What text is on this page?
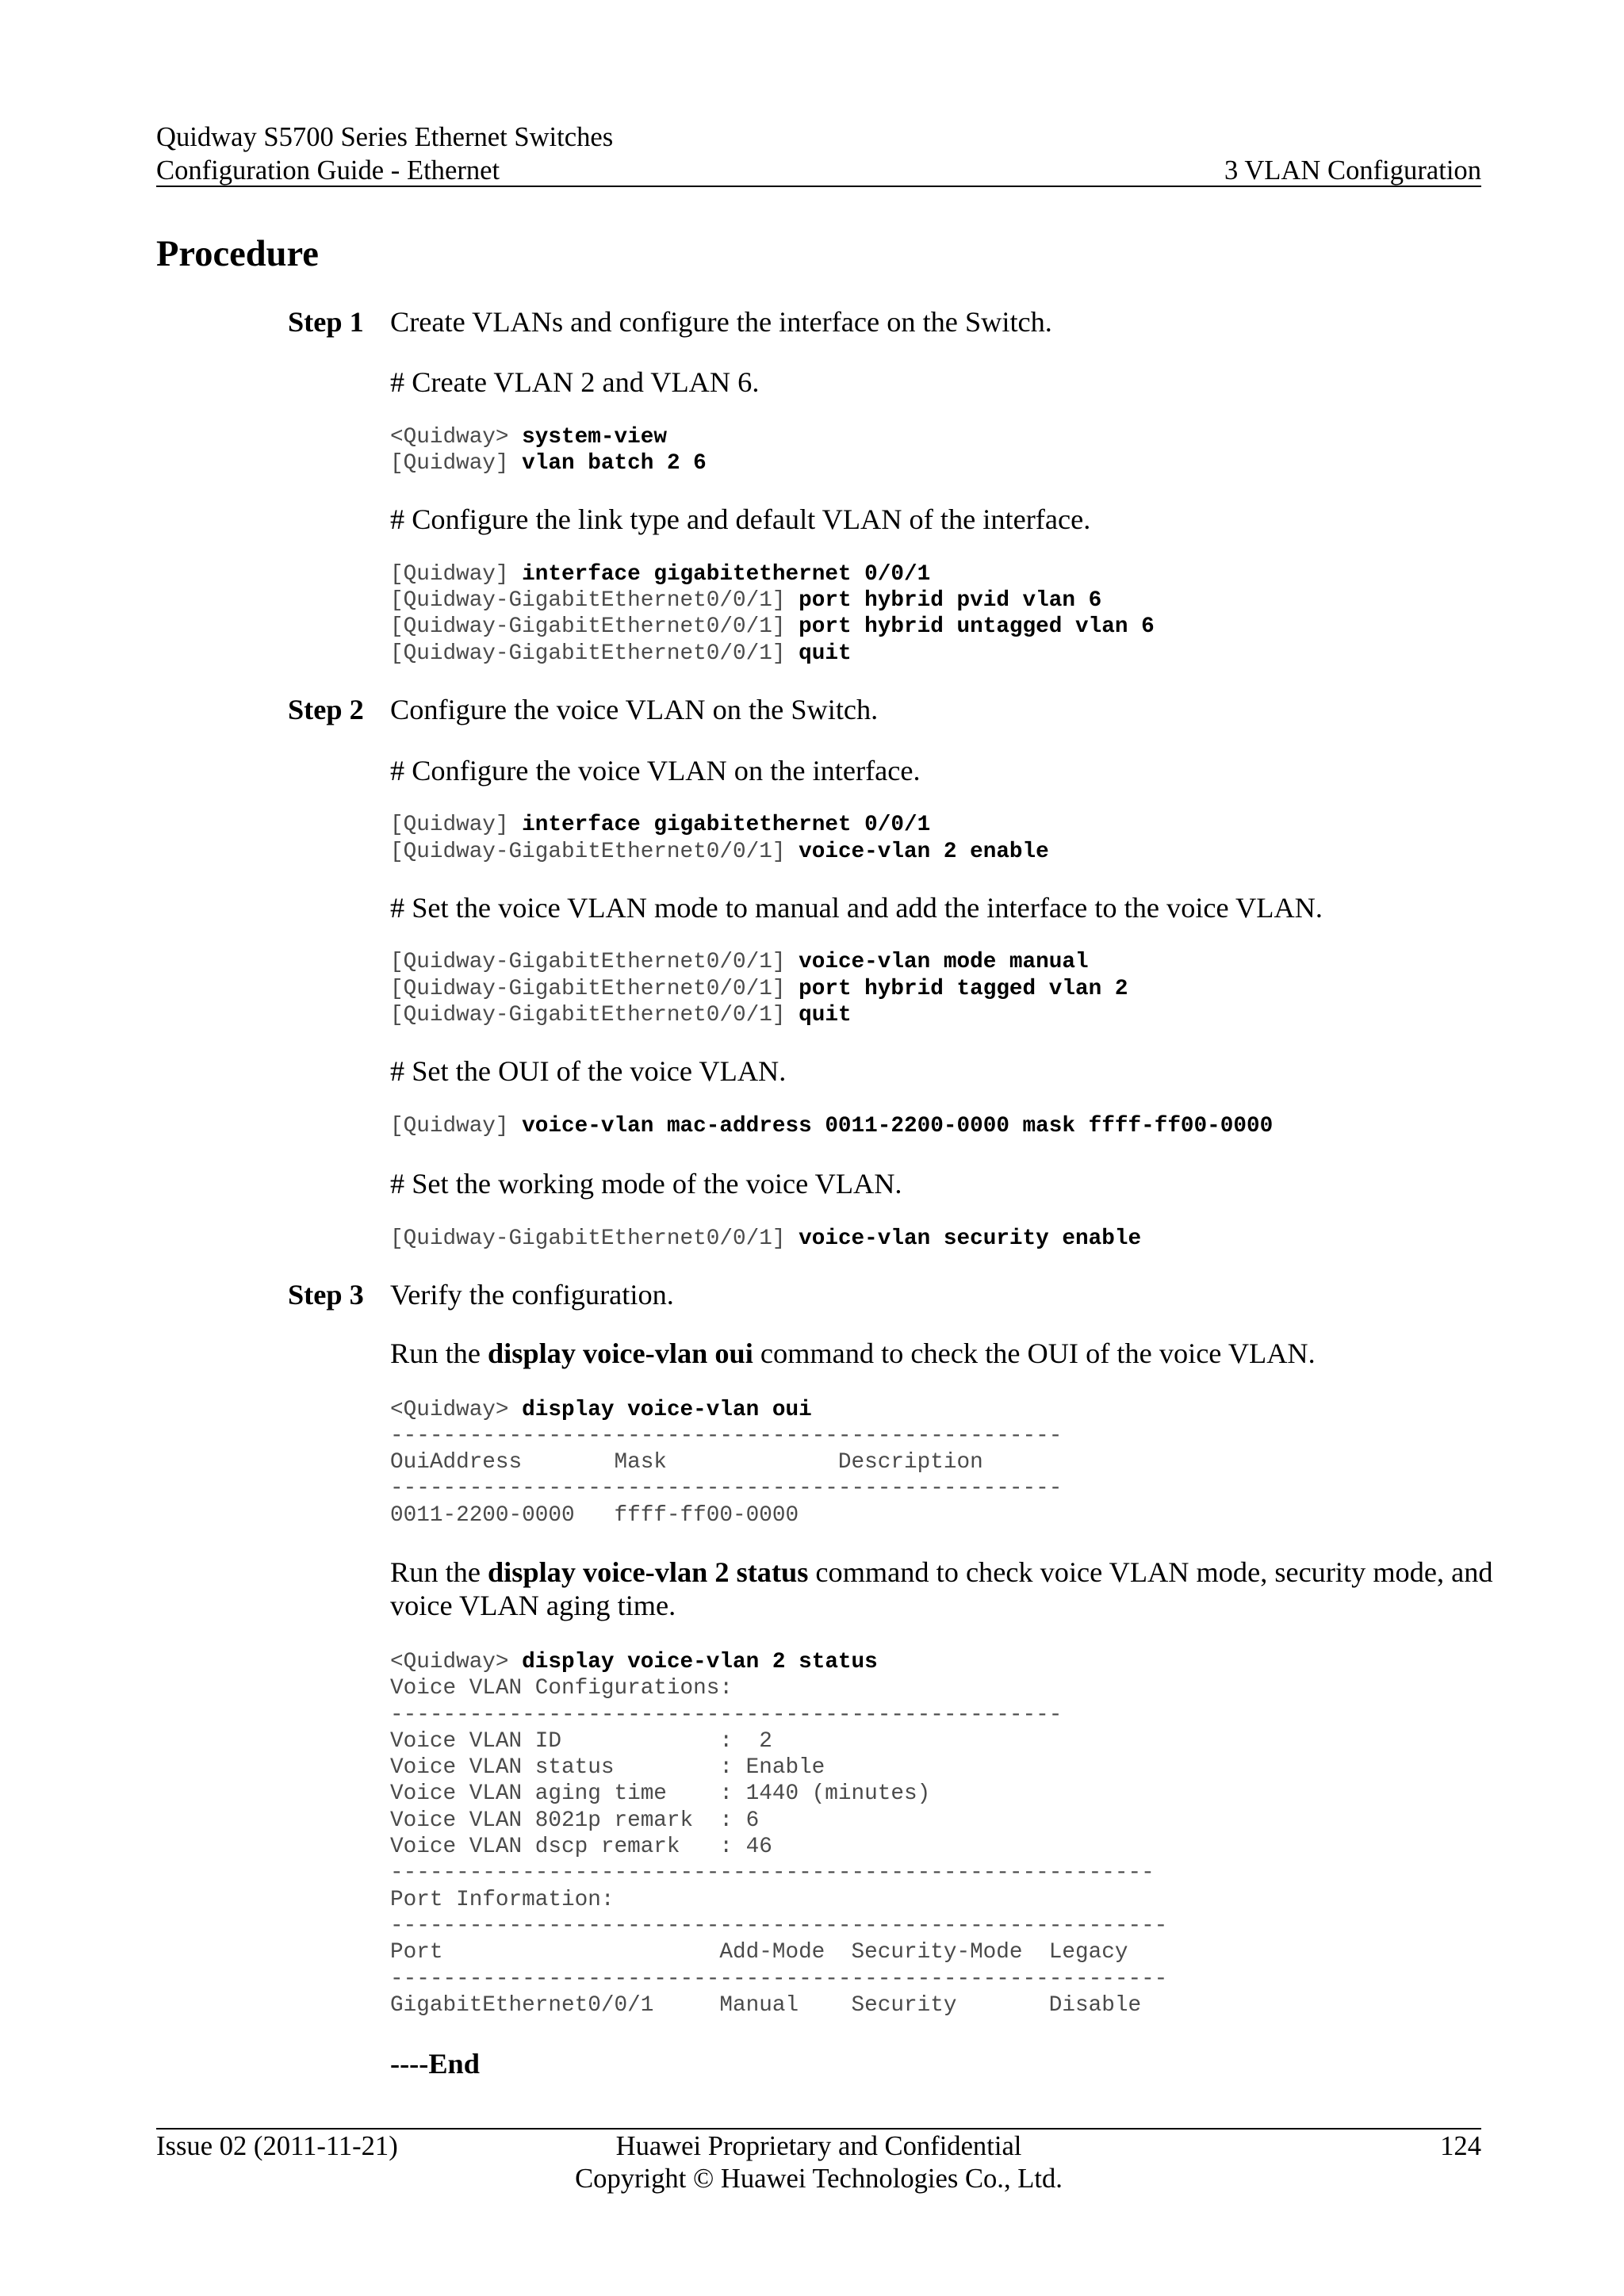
Quidway S5700 Series Ethernet Switches
Configuration Guide - Ethernet	3 VLAN Configuration
Procedure
Step 1 Create VLANs and configure the interface on the Switch.
# Create VLAN 2 and VLAN 6.
<Quidway> system-view
[Quidway] vlan batch 2 6
# Configure the link type and default VLAN of the interface.
[Quidway] interface gigabitethernet 0/0/1
[Quidway-GigabitEthernet0/0/1] port hybrid pvid vlan 6
[Quidway-GigabitEthernet0/0/1] port hybrid untagged vlan 6
[Quidway-GigabitEthernet0/0/1] quit
Step 2 Configure the voice VLAN on the Switch.
# Configure the voice VLAN on the interface.
[Quidway] interface gigabitethernet 0/0/1
[Quidway-GigabitEthernet0/0/1] voice-vlan 2 enable
# Set the voice VLAN mode to manual and add the interface to the voice VLAN.
[Quidway-GigabitEthernet0/0/1] voice-vlan mode manual
[Quidway-GigabitEthernet0/0/1] port hybrid tagged vlan 2
[Quidway-GigabitEthernet0/0/1] quit
# Set the OUI of the voice VLAN.
[Quidway] voice-vlan mac-address 0011-2200-0000 mask ffff-ff00-0000
# Set the working mode of the voice VLAN.
[Quidway-GigabitEthernet0/0/1] voice-vlan security enable
Step 3 Verify the configuration.
Run the display voice-vlan oui command to check the OUI of the voice VLAN.
<Quidway> display voice-vlan oui
---------------------------------------------------
OuiAddress       Mask             Description
---------------------------------------------------
0011-2200-0000   ffff-ff00-0000
Run the display voice-vlan 2 status command to check voice VLAN mode, security mode, and voice VLAN aging time.
<Quidway> display voice-vlan 2 status
Voice VLAN Configurations:
---------------------------------------------------
Voice VLAN ID            :  2
Voice VLAN status        : Enable
Voice VLAN aging time    : 1440 (minutes)
Voice VLAN 8021p remark  : 6
Voice VLAN dscp remark   : 46
----------------------------------------------------------
Port Information:
-----------------------------------------------------------
Port                     Add-Mode  Security-Mode  Legacy
-----------------------------------------------------------
GigabitEthernet0/0/1     Manual    Security       Disable
----End
Issue 02 (2011-11-21)	Huawei Proprietary and Confidential	124
Copyright © Huawei Technologies Co., Ltd.
